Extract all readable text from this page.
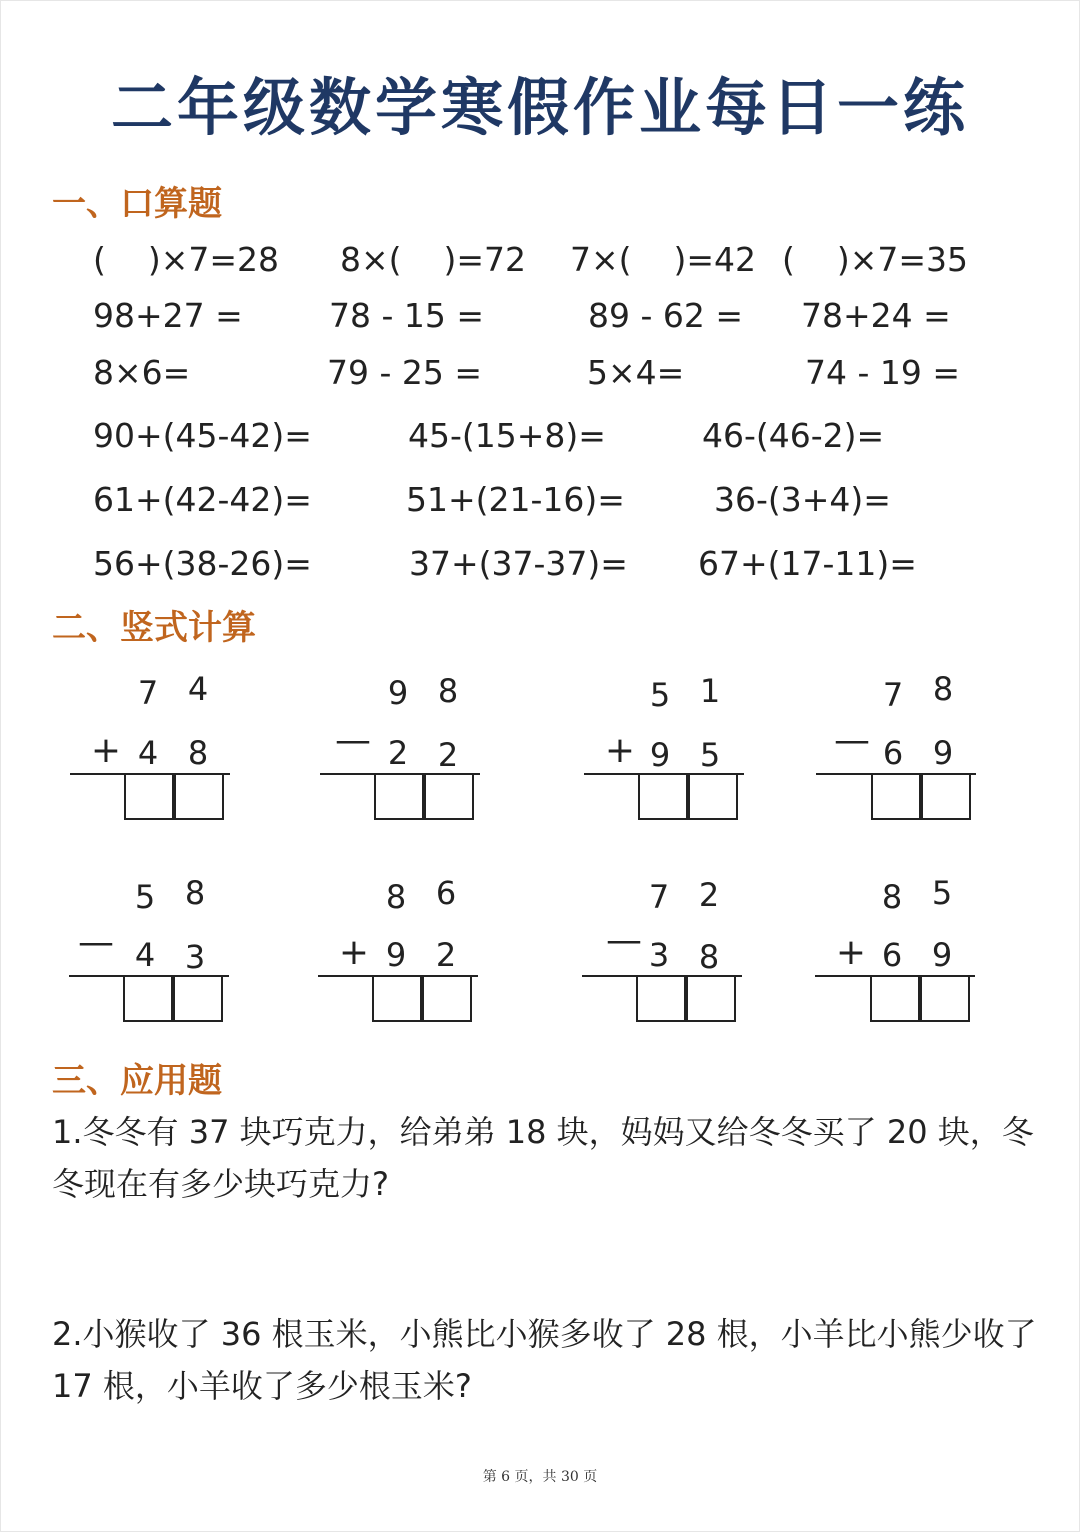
二年级数学寒假作业每日一练
一、口算题
(    )×7=28 8×(    )=72 7×(    )=42 (    )×7=35
98+27 =	78 - 15 =	89 - 62 = 78+24 =
8×6=	79 - 25 =	5×4=	74 - 19 =
90+(45-42)=	45-(15+8)=	46-(46-2)=
61+(42-42)=	51+(21-16)=	36-(3+4)=
56+(38-26)=	37+(37-37)= 67+(17-11)=
二、竖式计算
7 4
+ 4 8
9 8
— 2 2
5 1
+ 9 5
7 8
— 6 9
5 8
— 4 3
8 6
+ 9 2
7 2
— 3 8
8 5
+ 6 9
三、应用题
1.冬冬有 37 块巧克力，给弟弟 18 块，妈妈又给冬冬买了 20 块，冬冬现在有多少块巧克力?
2.小猴收了 36 根玉米，小熊比小猴多收了 28 根，小羊比小熊少收了 17 根，小羊收了多少根玉米?
第 6 页，共 30 页
